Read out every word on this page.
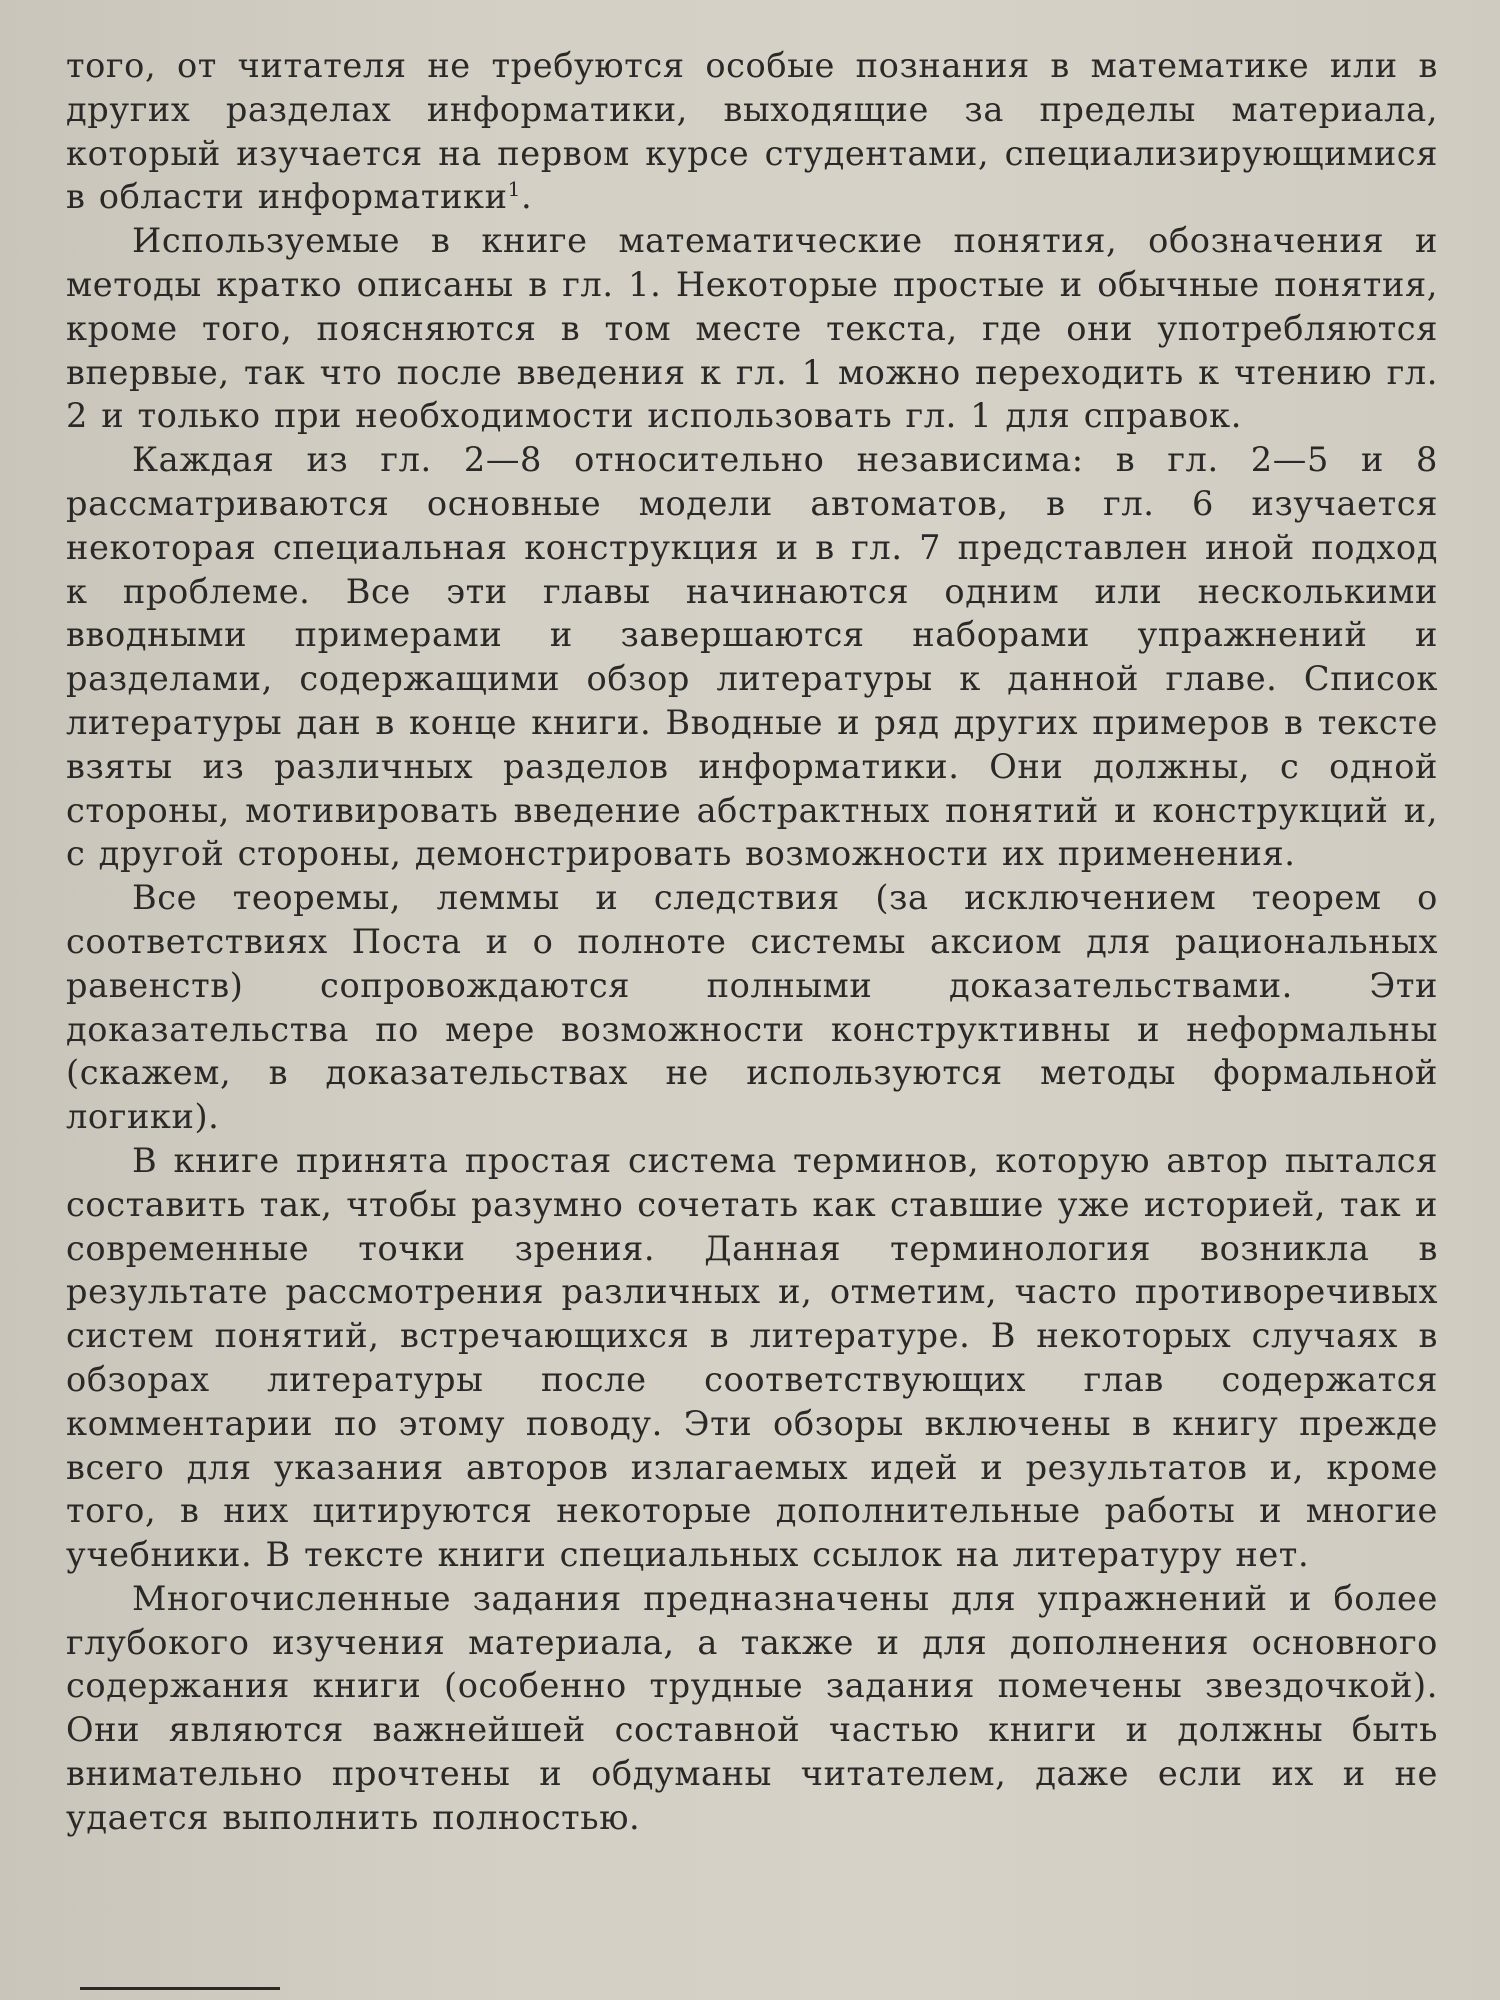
того, от читателя не требуются особые познания в математике или в других разделах информатики, выходящие за пределы материала, который изучается на первом курсе студентами, специализирующимися в области информатики$^1$.

Используемые в книге математические понятия, обозначения и методы кратко описаны в гл. 1. Некоторые простые и обычные понятия, кроме того, поясняются в том месте текста, где они употребляются впервые, так что после введения к гл. 1 можно переходить к чтению гл. 2 и только при необходимости использовать гл. 1 для справок.

Каждая из гл. 2—8 относительно независима: в гл. 2—5 и 8 рассматриваются основные модели автоматов, в гл. 6 изучается некоторая специальная конструкция и в гл. 7 представлен иной подход к проблеме. Все эти главы начинаются одним или несколькими вводными примерами и завершаются наборами упражнений и разделами, содержащими обзор литературы к данной главе. Список литературы дан в конце книги. Вводные и ряд других примеров в тексте взяты из различных разделов информатики. Они должны, с одной стороны, мотивировать введение абстрактных понятий и конструкций и, с другой стороны, демонстрировать возможности их применения.

Все теоремы, леммы и следствия (за исключением теорем о соответствиях Поста и о полноте системы аксиом для рациональных равенств) сопровождаются полными доказательствами. Эти доказательства по мере возможности конструктивны и неформальны (скажем, в доказательствах не используются методы формальной логики).

В книге принята простая система терминов, которую автор пытался составить так, чтобы разумно сочетать как ставшие уже историей, так и современные точки зрения. Данная терминология возникла в результате рассмотрения различных и, отметим, часто противоречивых систем понятий, встречающихся в литературе. В некоторых случаях в обзорах литературы после соответствующих глав содержатся комментарии по этому поводу. Эти обзоры включены в книгу прежде всего для указания авторов излагаемых идей и результатов и, кроме того, в них цитируются некоторые дополнительные работы и многие учебники. В тексте книги специальных ссылок на литературу нет.

Многочисленные задания предназначены для упражнений и более глубокого изучения материала, а также и для дополнения основного содержания книги (особенно трудные задания помечены звездочкой). Они являются важнейшей составной частью книги и должны быть внимательно прочтены и обдуманы читателем, даже если их и не удается выполнить полностью.
